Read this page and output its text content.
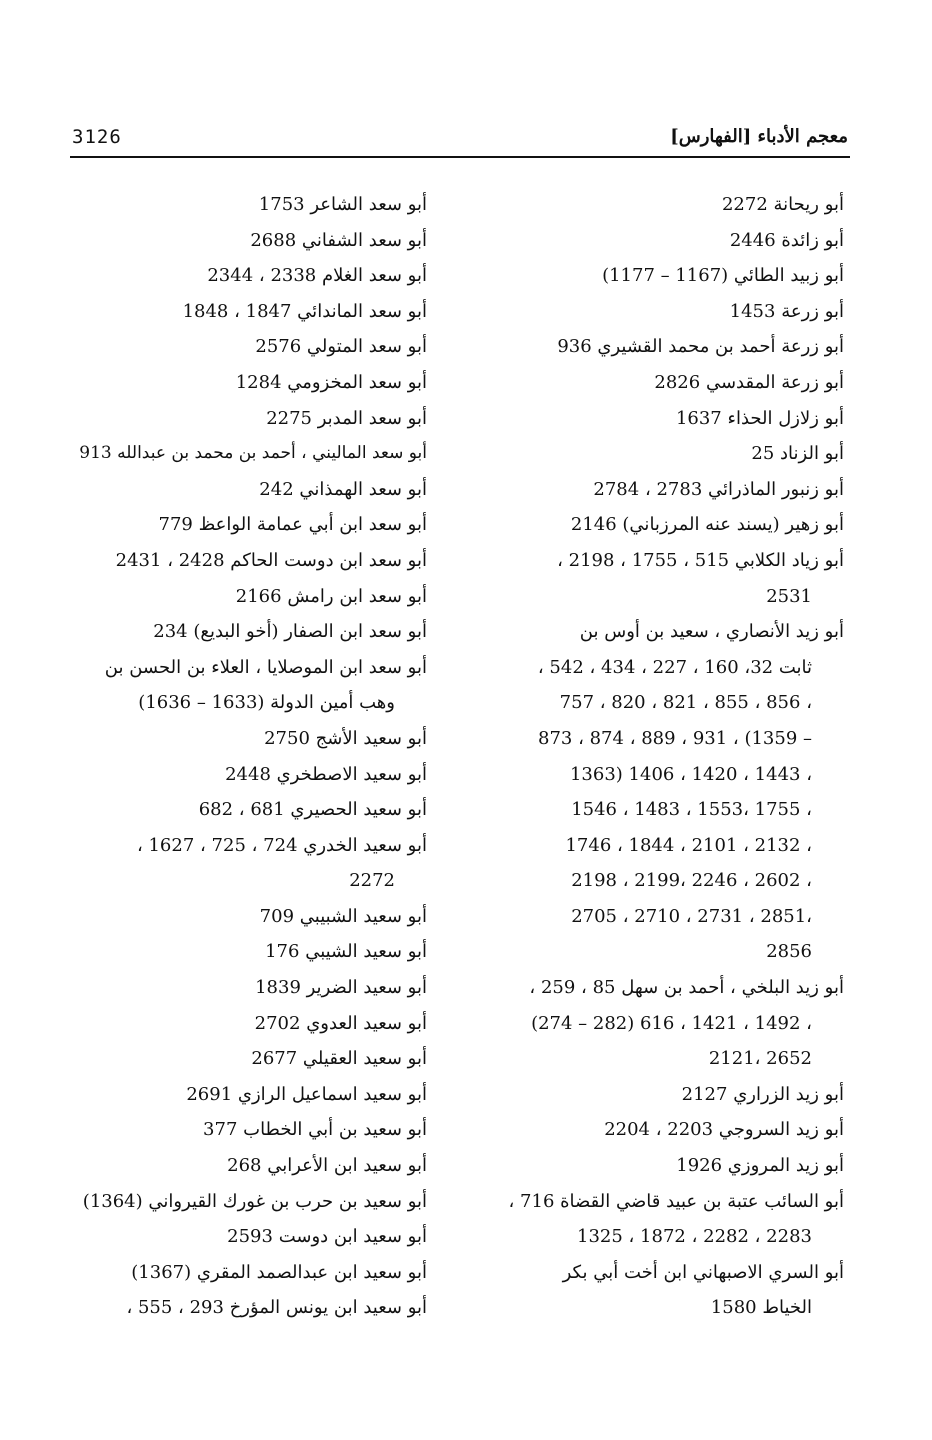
3126	معجم الأدباء [الفهارس]
أبو ريحانة 2272
أبو زائدة 2446
أبو زبيد الطائي (1167 – 1177)
أبو زرعة 1453
أبو زرعة أحمد بن محمد القشيري 936
أبو زرعة المقدسي 2826
أبو زلازل الحذاء 1637
أبو الزناد 25
أبو زنبور الماذرائي 2783 ، 2784
أبو زهير (يسند عنه المرزباني) 2146
أبو زياد الكلابي 515 ، 1755 ، 2198 ،
2531
أبو زيد الأنصاري ، سعيد بن أوس بن
ثابت 32، 160 ، 227 ، 434 ، 542 ،
757 ، 820 ، 821 ، 855 ، 856 ،
873 ، 874 ، 889 ، 931 ، (1359 –
1363) 1406 ، 1420 ، 1443 ،
1546 ، 1483 ، 1553، 1755 ،
1746 ، 1844 ، 2101 ، 2132 ،
2198 ، 2199، 2246 ، 2602 ،
2705 ، 2710 ، 2731 ، 2851،
2856
أبو زيد البلخي ، أحمد بن سهل 85 ، 259 ،
(274 – 282) 616 ، 1421 ، 1492 ،
2121، 2652
أبو زيد الزراري 2127
أبو زيد السروجي 2203 ، 2204
أبو زيد المروزي 1926
أبو السائب عتبة بن عبيد قاضي القضاة 716 ،
1325 ، 1872 ، 2282 ، 2283
أبو السري الاصبهاني ابن أخت أبي بكر
الخياط 1580
أبو سعد الشاعر 1753
أبو سعد الشفاني 2688
أبو سعد الغلام 2338 ، 2344
أبو سعد الماندائي 1847 ، 1848
أبو سعد المتولي 2576
أبو سعد المخزومي 1284
أبو سعد المدبر 2275
أبو سعد الماليني ، أحمد بن محمد بن عبدالله 913
أبو سعد الهمذاني 242
أبو سعد ابن أبي عمامة الواعظ 779
أبو سعد ابن دوست الحاكم 2428 ، 2431
أبو سعد ابن رامش 2166
أبو سعد ابن الصفار (أخو البديع) 234
أبو سعد ابن الموصلايا ، العلاء بن الحسن بن
وهب أمين الدولة (1633 – 1636)
أبو سعيد الأشج 2750
أبو سعيد الاصطخري 2448
أبو سعيد الحصيري 681 ، 682
أبو سعيد الخدري 724 ، 725 ، 1627 ،
2272
أبو سعيد الشبيبي 709
أبو سعيد الشيبي 176
أبو سعيد الضرير 1839
أبو سعيد العدوي 2702
أبو سعيد العقيلي 2677
أبو سعيد اسماعيل الرازي 2691
أبو سعيد بن أبي الخطاب 377
أبو سعيد ابن الأعرابي 268
أبو سعيد بن حرب بن غورك القيرواني (1364)
أبو سعيد ابن دوست 2593
أبو سعيد ابن عبدالصمد المقري (1367)
أبو سعيد ابن يونس المؤرخ 293 ، 555 ،
